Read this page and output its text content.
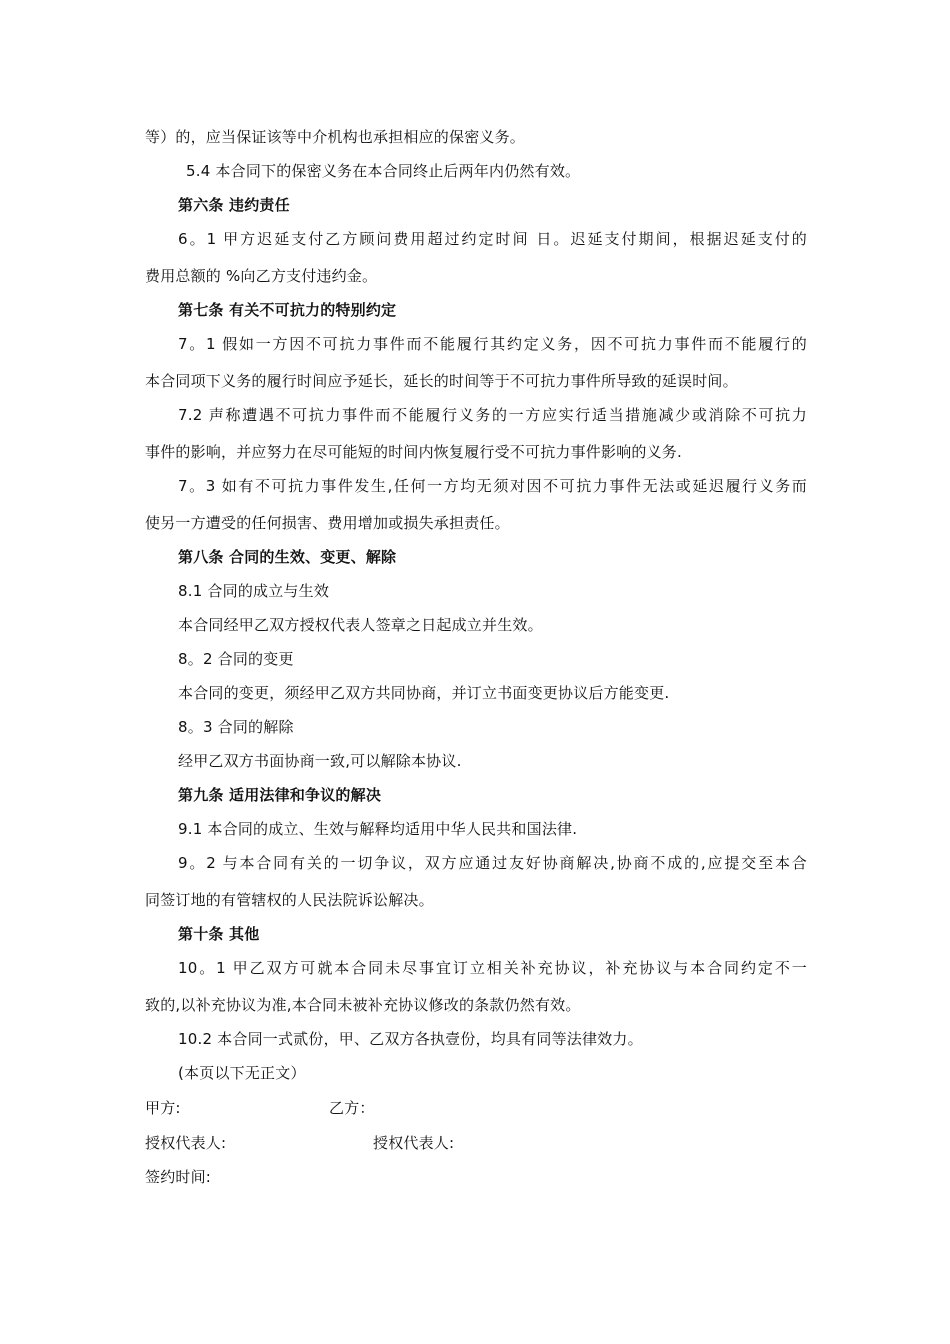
等）的，应当保证该等中介机构也承担相应的保密义务。
5.4 本合同下的保密义务在本合同终止后两年内仍然有效。
第六条 违约责任
6。1 甲方迟延支付乙方顾问费用超过约定时间 日。迟延支付期间，根据迟延支付的
费用总额的 %向乙方支付违约金。
第七条 有关不可抗力的特别约定
7。1 假如一方因不可抗力事件而不能履行其约定义务，因不可抗力事件而不能履行的
本合同项下义务的履行时间应予延长，延长的时间等于不可抗力事件所导致的延误时间。
7.2 声称遭遇不可抗力事件而不能履行义务的一方应实行适当措施减少或消除不可抗力
事件的影响，并应努力在尽可能短的时间内恢复履行受不可抗力事件影响的义务.
7。3 如有不可抗力事件发生,任何一方均无须对因不可抗力事件无法或延迟履行义务而
使另一方遭受的任何损害、费用增加或损失承担责任。
第八条 合同的生效、变更、解除
8.1 合同的成立与生效
本合同经甲乙双方授权代表人签章之日起成立并生效。
8。2 合同的变更
本合同的变更，须经甲乙双方共同协商，并订立书面变更协议后方能变更.
8。3 合同的解除
经甲乙双方书面协商一致,可以解除本协议.
第九条 适用法律和争议的解决
9.1 本合同的成立、生效与解释均适用中华人民共和国法律.
9。2 与本合同有关的一切争议，双方应通过友好协商解决,协商不成的,应提交至本合
同签订地的有管辖权的人民法院诉讼解决。
第十条 其他
10。1 甲乙双方可就本合同未尽事宜订立相关补充协议，补充协议与本合同约定不一
致的,以补充协议为准,本合同未被补充协议修改的条款仍然有效。
10.2 本合同一式贰份，甲、乙双方各执壹份，均具有同等法律效力。
(本页以下无正文）
甲方:	乙方：
授权代表人:	授权代表人:
签约时间:
